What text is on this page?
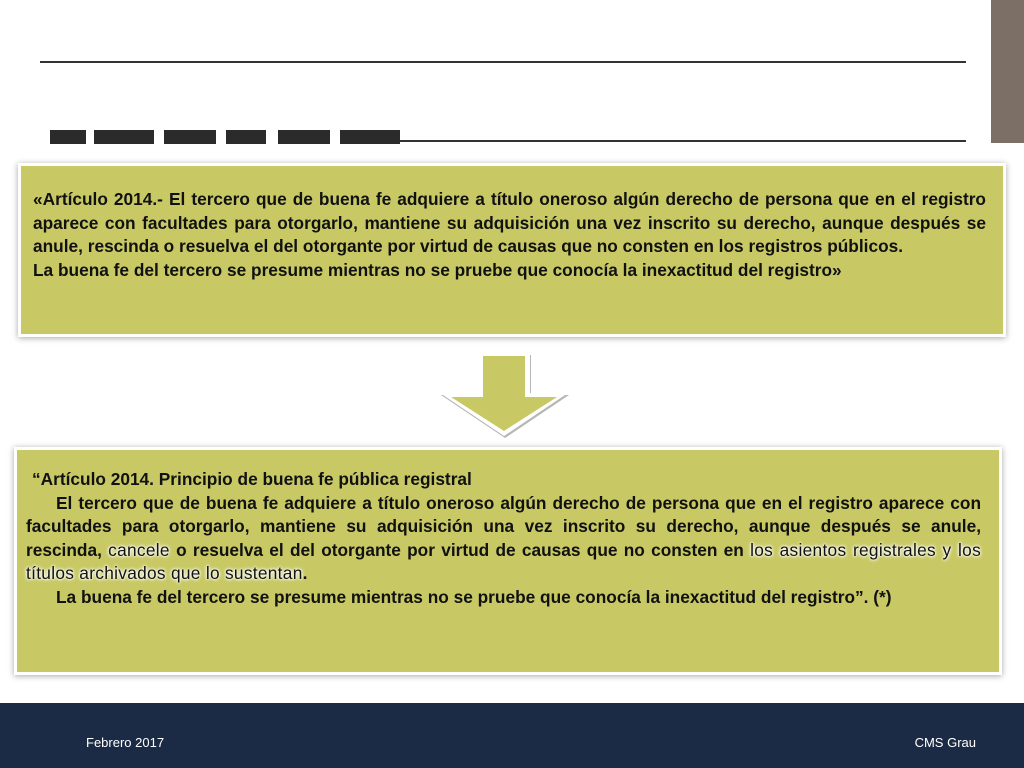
«Artículo 2014.- El tercero que de buena fe adquiere a título oneroso algún derecho de persona que en el registro aparece con facultades para otorgarlo, mantiene su adquisición una vez inscrito su derecho, aunque después se anule, rescinda o resuelva el del otorgante por virtud de causas que no consten en los registros públicos.

La buena fe del tercero se presume mientras no se pruebe que conocía la inexactitud del registro»

“Artículo 2014. Principio de buena fe pública registral

El tercero que de buena fe adquiere a título oneroso algún derecho de persona que en el registro aparece con facultades para otorgarlo, mantiene su adquisición una vez inscrito su derecho, aunque después se anule, rescinda, cancele o resuelva el del otorgante por virtud de causas que no consten en los asientos registrales y los títulos archivados que lo sustentan.

La buena fe del tercero se presume mientras no se pruebe que conocía la inexactitud del registro”. (*)

Febrero 2017	CMS Grau
